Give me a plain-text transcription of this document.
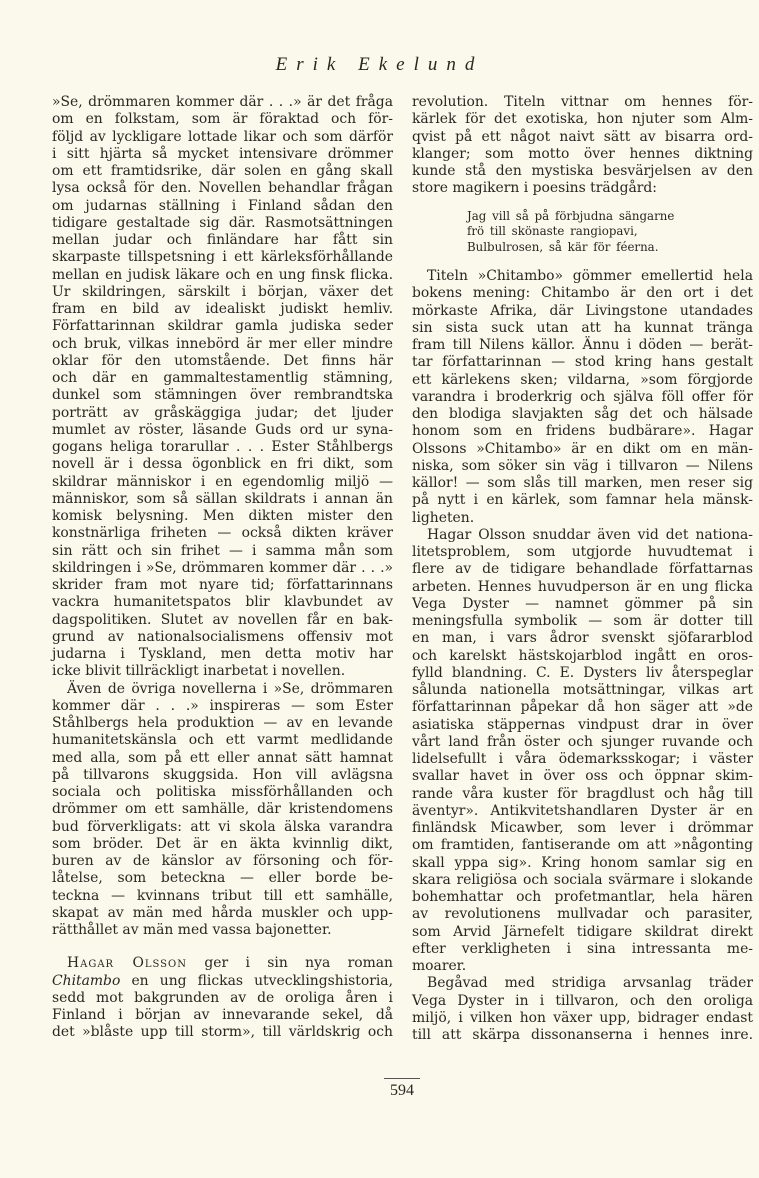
Erik Ekelund
»Se, drömmaren kommer där . . .» är det fråga
om en folkstam, som är föraktad och för-
följd av lyckligare lottade likar och som därför
i sitt hjärta så mycket intensivare drömmer
om ett framtidsrike, där solen en gång skall
lysa också för den. Novellen behandlar frågan
om judarnas ställning i Finland sådan den
tidigare gestaltade sig där. Rasmotsättningen
mellan judar och finländare har fått sin
skarpaste tillspetsning i ett kärleksförhållande
mellan en judisk läkare och en ung finsk flicka.
Ur skildringen, särskilt i början, växer det
fram en bild av idealiskt judiskt hemliv.
Författarinnan skildrar gamla judiska seder
och bruk, vilkas innebörd är mer eller mindre
oklar för den utomstående. Det finns här
och där en gammaltestamentlig stämning,
dunkel som stämningen över rembrandtska
porträtt av gråskäggiga judar; det ljuder
mumlet av röster, läsande Guds ord ur syna-
gogans heliga torarullar . . . Ester Ståhlbergs
novell är i dessa ögonblick en fri dikt, som
skildrar människor i en egendomlig miljö —
människor, som så sällan skildrats i annan än
komisk belysning. Men dikten mister den
konstnärliga friheten — också dikten kräver
sin rätt och sin frihet — i samma mån som
skildringen i »Se, drömmaren kommer där . . .»
skrider fram mot nyare tid; författarinnans
vackra humanitetspatos blir klavbundet av
dagspolitiken. Slutet av novellen får en bak-
grund av nationalsocialismens offensiv mot
judarna i Tyskland, men detta motiv har
icke blivit tillräckligt inarbetat i novellen.
Även de övriga novellerna i »Se, drömmaren
kommer där . . .» inspireras — som Ester
Ståhlbergs hela produktion — av en levande
humanitetskänsla och ett varmt medlidande
med alla, som på ett eller annat sätt hamnat
på tillvarons skuggsida. Hon vill avlägsna
sociala och politiska missförhållanden och
drömmer om ett samhälle, där kristendomens
bud förverkligats: att vi skola älska varandra
som bröder. Det är en äkta kvinnlig dikt,
buren av de känslor av försoning och för-
låtelse, som beteckna — eller borde be-
teckna — kvinnans tribut till ett samhälle,
skapat av män med hårda muskler och upp-
rätthållet av män med vassa bajonetter.
Hagar Olsson ger i sin nya roman
Chitambo en ung flickas utvecklingshistoria,
sedd mot bakgrunden av de oroliga åren i
Finland i början av innevarande sekel, då
det »blåste upp till storm», till världskrig och
revolution. Titeln vittnar om hennes för-
kärlek för det exotiska, hon njuter som Alm-
qvist på ett något naivt sätt av bisarra ord-
klanger; som motto över hennes diktning
kunde stå den mystiska besvärjelsen av den
store magikern i poesins trädgård:
Jag vill så på förbjudna sängarne
frö till skönaste rangiopavi,
Bulbulrosen, så kär för féerna.
Titeln »Chitambo» gömmer emellertid hela
bokens mening: Chitambo är den ort i det
mörkaste Afrika, där Livingstone utandades
sin sista suck utan att ha kunnat tränga
fram till Nilens källor. Ännu i döden — berät-
tar författarinnan — stod kring hans gestalt
ett kärlekens sken; vildarna, »som förgjorde
varandra i broderkrig och själva föll offer för
den blodiga slavjakten såg det och hälsade
honom som en fridens budbärare». Hagar
Olssons »Chitambo» är en dikt om en män-
niska, som söker sin väg i tillvaron — Nilens
källor! — som slås till marken, men reser sig
på nytt i en kärlek, som famnar hela mänsk-
ligheten.
Hagar Olsson snuddar även vid det nationa-
litetsproblem, som utgjorde huvudtemat i
flere av de tidigare behandlade författarnas
arbeten. Hennes huvudperson är en ung flicka
Vega Dyster — namnet gömmer på sin
meningsfulla symbolik — som är dotter till
en man, i vars ådror svenskt sjöfararblod
och karelskt hästskojarblod ingått en oros-
fylld blandning. C. E. Dysters liv återspeglar
sålunda nationella motsättningar, vilkas art
författarinnan påpekar då hon säger att »de
asiatiska stäppernas vindpust drar in över
vårt land från öster och sjunger ruvande och
lidelsefullt i våra ödemarksskogar; i väster
svallar havet in över oss och öppnar skim-
rande våra kuster för bragdlust och håg till
äventyr». Antikvitetshandlaren Dyster är en
finländsk Micawber, som lever i drömmar
om framtiden, fantiserande om att »någonting
skall yppa sig». Kring honom samlar sig en
skara religiösa och sociala svärmare i slokande
bohemhattar och profetmantlar, hela hären
av revolutionens mullvadar och parasiter,
som Arvid Järnefelt tidigare skildrat direkt
efter verkligheten i sina intressanta me-
moarer.
Begåvad med stridiga arvsanlag träder
Vega Dyster in i tillvaron, och den oroliga
miljö, i vilken hon växer upp, bidrager endast
till att skärpa dissonanserna i hennes inre.
594
